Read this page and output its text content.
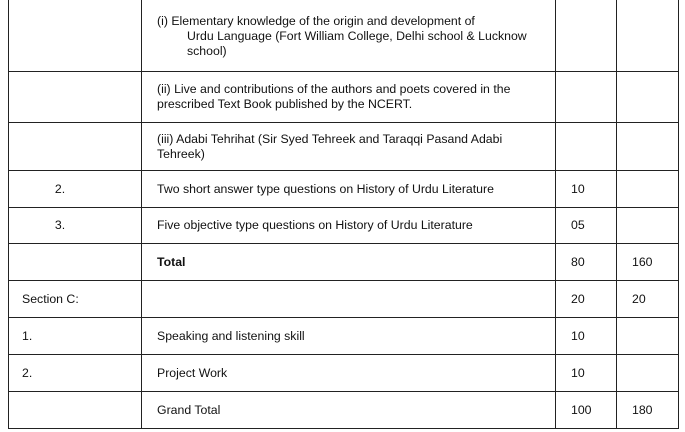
	(i) Elementary knowledge of the origin and development of
Urdu Language (Fort William College, Delhi school & Lucknow school)		

	(ii) Live and contributions of the authors and poets covered in the prescribed Text Book published by the NCERT.		
	(iii) Adabi Tehrihat (Sir Syed Tehreek and Taraqqi Pasand Adabi Tehreek)		
2.	Two short answer type questions on History of Urdu Literature	10	
3.	Five objective type questions on History of Urdu Literature	05	
	Total	80	160
Section C:		20	20
1.	Speaking and listening skill	10	
2.	Project Work	10	
	Grand Total	100	180
